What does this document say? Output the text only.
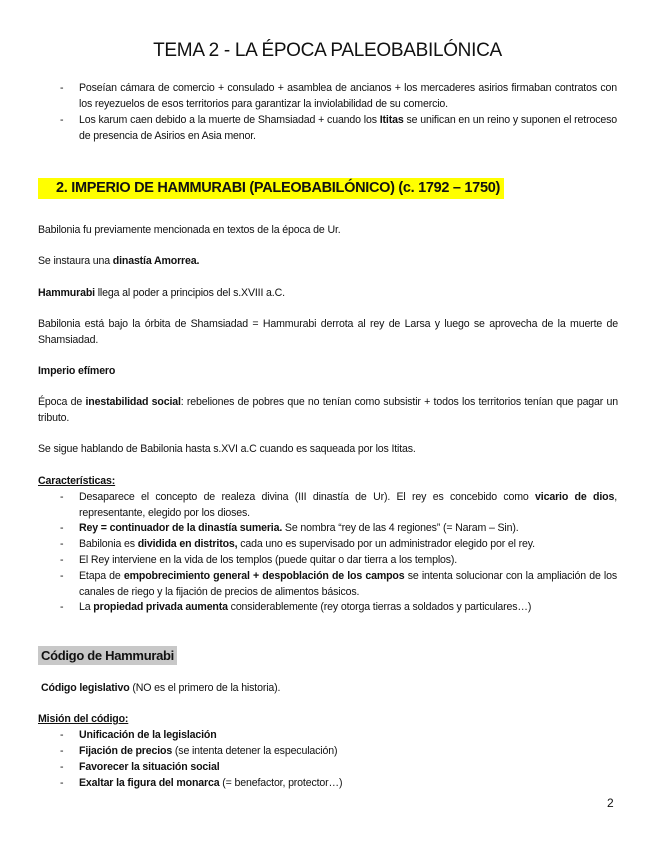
TEMA 2 - LA ÉPOCA PALEOBABILÓNICA
- Poseían cámara de comercio + consulado + asamblea de ancianos + los mercaderes asirios firmaban contratos con los reyezuelos de esos territorios para garantizar la inviolabilidad de su comercio.
- Los karum caen debido a la muerte de Shamsiadad + cuando los Ititas se unifican en un reino y suponen el retroceso de presencia de Asirios en Asia menor.
2. IMPERIO DE HAMMURABI (PALEOBABILÓNICO) (c. 1792 – 1750)
Babilonia fu previamente mencionada en textos de la época de Ur.
Se instaura una dinastía Amorrea.
Hammurabi llega al poder a principios del s.XVIII a.C.
Babilonia está bajo la órbita de Shamsiadad = Hammurabi derrota al rey de Larsa y luego se aprovecha de la muerte de Shamsiadad.
Imperio efímero
Época de inestabilidad social: rebeliones de pobres que no tenían como subsistir + todos los territorios tenían que pagar un tributo.
Se sigue hablando de Babilonia hasta s.XVI a.C cuando es saqueada por los Ititas.
Características:
- Desaparece el concepto de realeza divina (III dinastía de Ur). El rey es concebido como vicario de dios, representante, elegido por los dioses.
- Rey = continuador de la dinastía sumeria. Se nombra “rey de las 4 regiones” (= Naram – Sin).
- Babilonia es dividida en distritos, cada uno es supervisado por un administrador elegido por el rey.
- El Rey interviene en la vida de los templos (puede quitar o dar tierra a los templos).
- Etapa de empobrecimiento general + despoblación de los campos se intenta solucionar con la ampliación de los canales de riego y la fijación de precios de alimentos básicos.
- La propiedad privada aumenta considerablemente (rey otorga tierras a soldados y particulares…)
Código de Hammurabi
Código legislativo (NO es el primero de la historia).
Misión del código:
- Unificación de la legislación
- Fijación de precios (se intenta detener la especulación)
- Favorecer la situación social
- Exaltar la figura del monarca (= benefactor, protector…)
2
